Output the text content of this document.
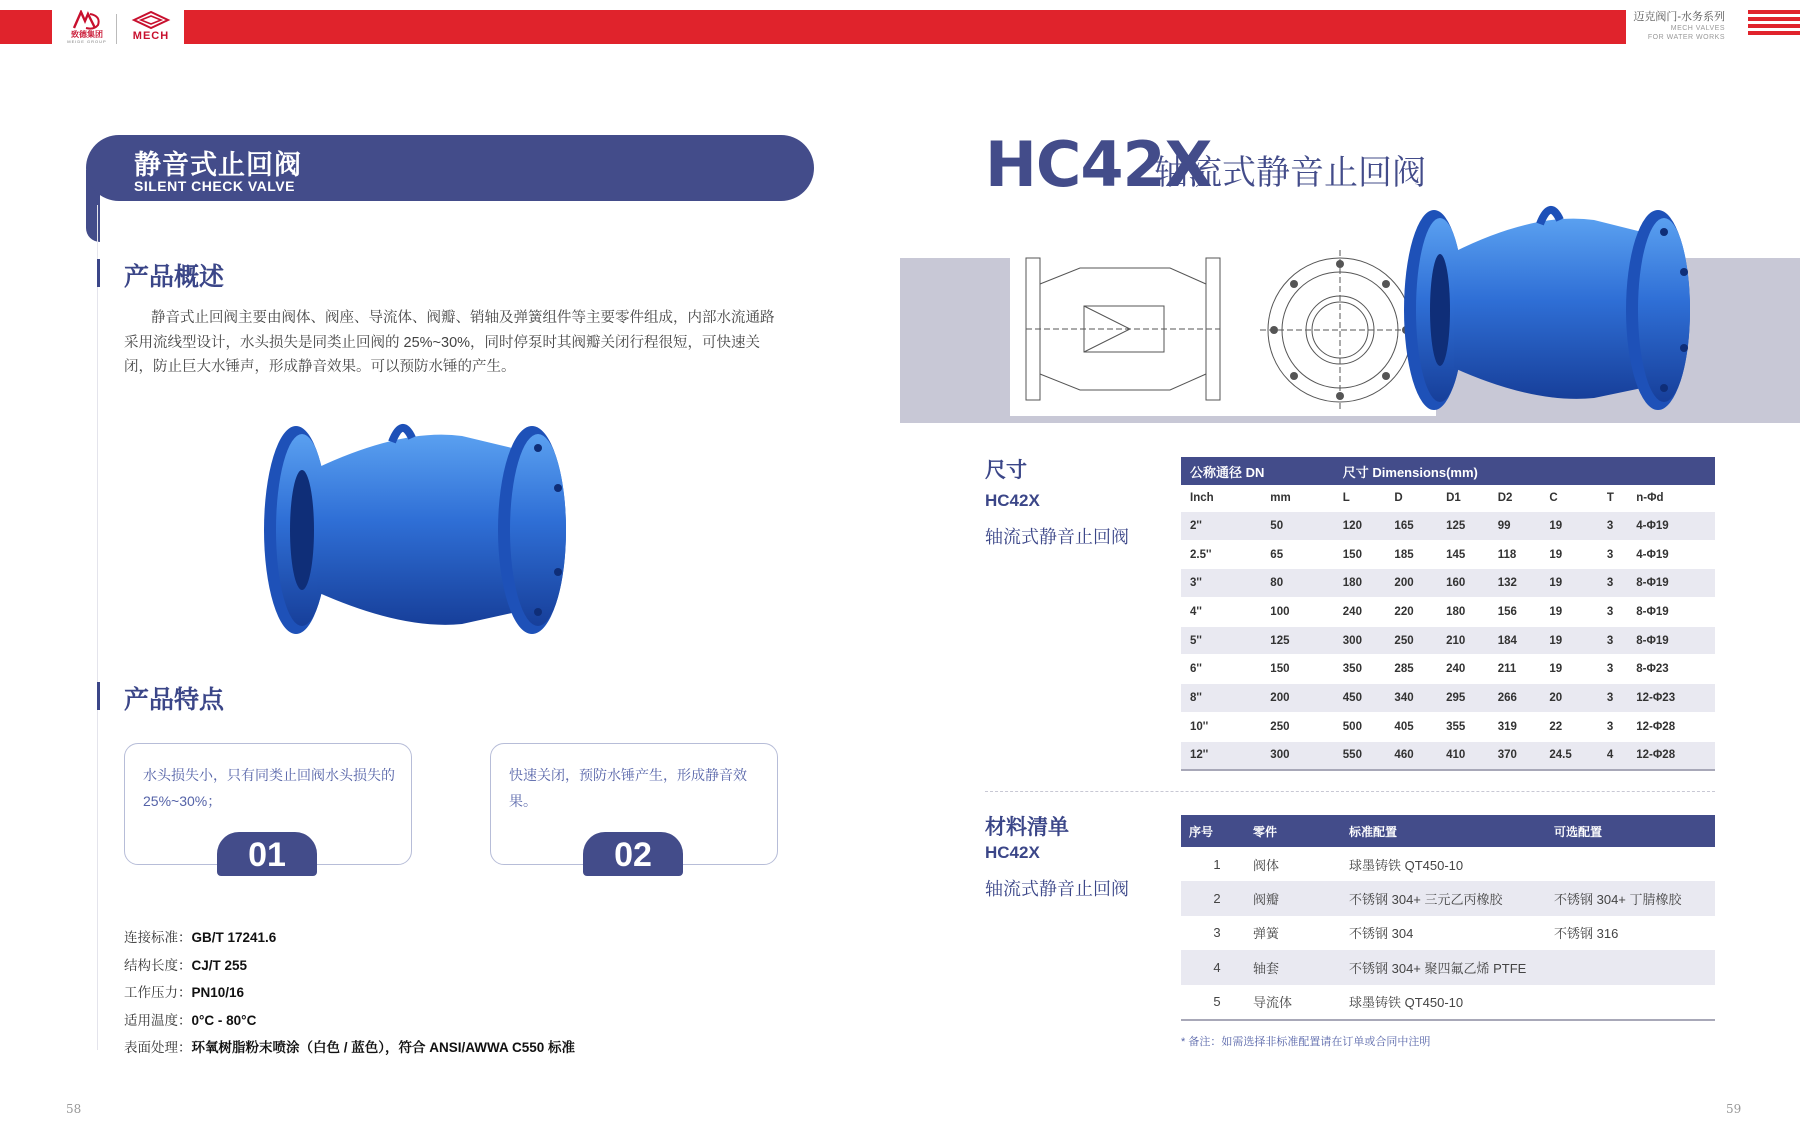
致德集团
MEIDE GROUP	MECH
迈克阀门-水务系列
MECH VALVES
FOR WATER WORKS
静音式止回阀
SILENT CHECK VALVE
产品概述
静音式止回阀主要由阀体、阀座、导流体、阀瓣、销轴及弹簧组件等主要零件组成，内部水流通路采用流线型设计，水头损失是同类止回阀的 25%~30%，同时停泵时其阀瓣关闭行程很短，可快速关闭，防止巨大水锤声，形成静音效果。可以预防水锤的产生。
产品特点
水头损失小，只有同类止回阀水头损失的 25%~30%；
01
快速关闭，预防水锤产生，形成静音效果。
02
连接标准：GB/T 17241.6
结构长度：CJ/T 255
工作压力：PN10/16
适用温度：0°C - 80°C
表面处理：环氧树脂粉末喷涂（白色 / 蓝色），符合 ANSI/AWWA C550 标准
58
HC42X
轴流式静音止回阀
尺寸
HC42X
轴流式静音止回阀
公称通径 DN		尺寸 Dimensions(mm)						
Inch	mm	L	D	D1	D2	C	T	n-Φd
2''	50	120	165	125	99	19	3	4-Φ19
2.5''	65	150	185	145	118	19	3	4-Φ19
3''	80	180	200	160	132	19	3	8-Φ19
4''	100	240	220	180	156	19	3	8-Φ19
5''	125	300	250	210	184	19	3	8-Φ19
6''	150	350	285	240	211	19	3	8-Φ23
8''	200	450	340	295	266	20	3	12-Φ23
10''	250	500	405	355	319	22	3	12-Φ28
12''	300	550	460	410	370	24.5	4	12-Φ28
材料清单
HC42X
轴流式静音止回阀
序号	零件	标准配置	可选配置
1	阀体	球墨铸铁 QT450-10	
2	阀瓣	不锈钢 304+ 三元乙丙橡胶	不锈钢 304+ 丁腈橡胶
3	弹簧	不锈钢 304	不锈钢 316
4	轴套	不锈钢 304+ 聚四氟乙烯 PTFE	
5	导流体	球墨铸铁 QT450-10	
* 备注：如需选择非标准配置请在订单或合同中注明
59
